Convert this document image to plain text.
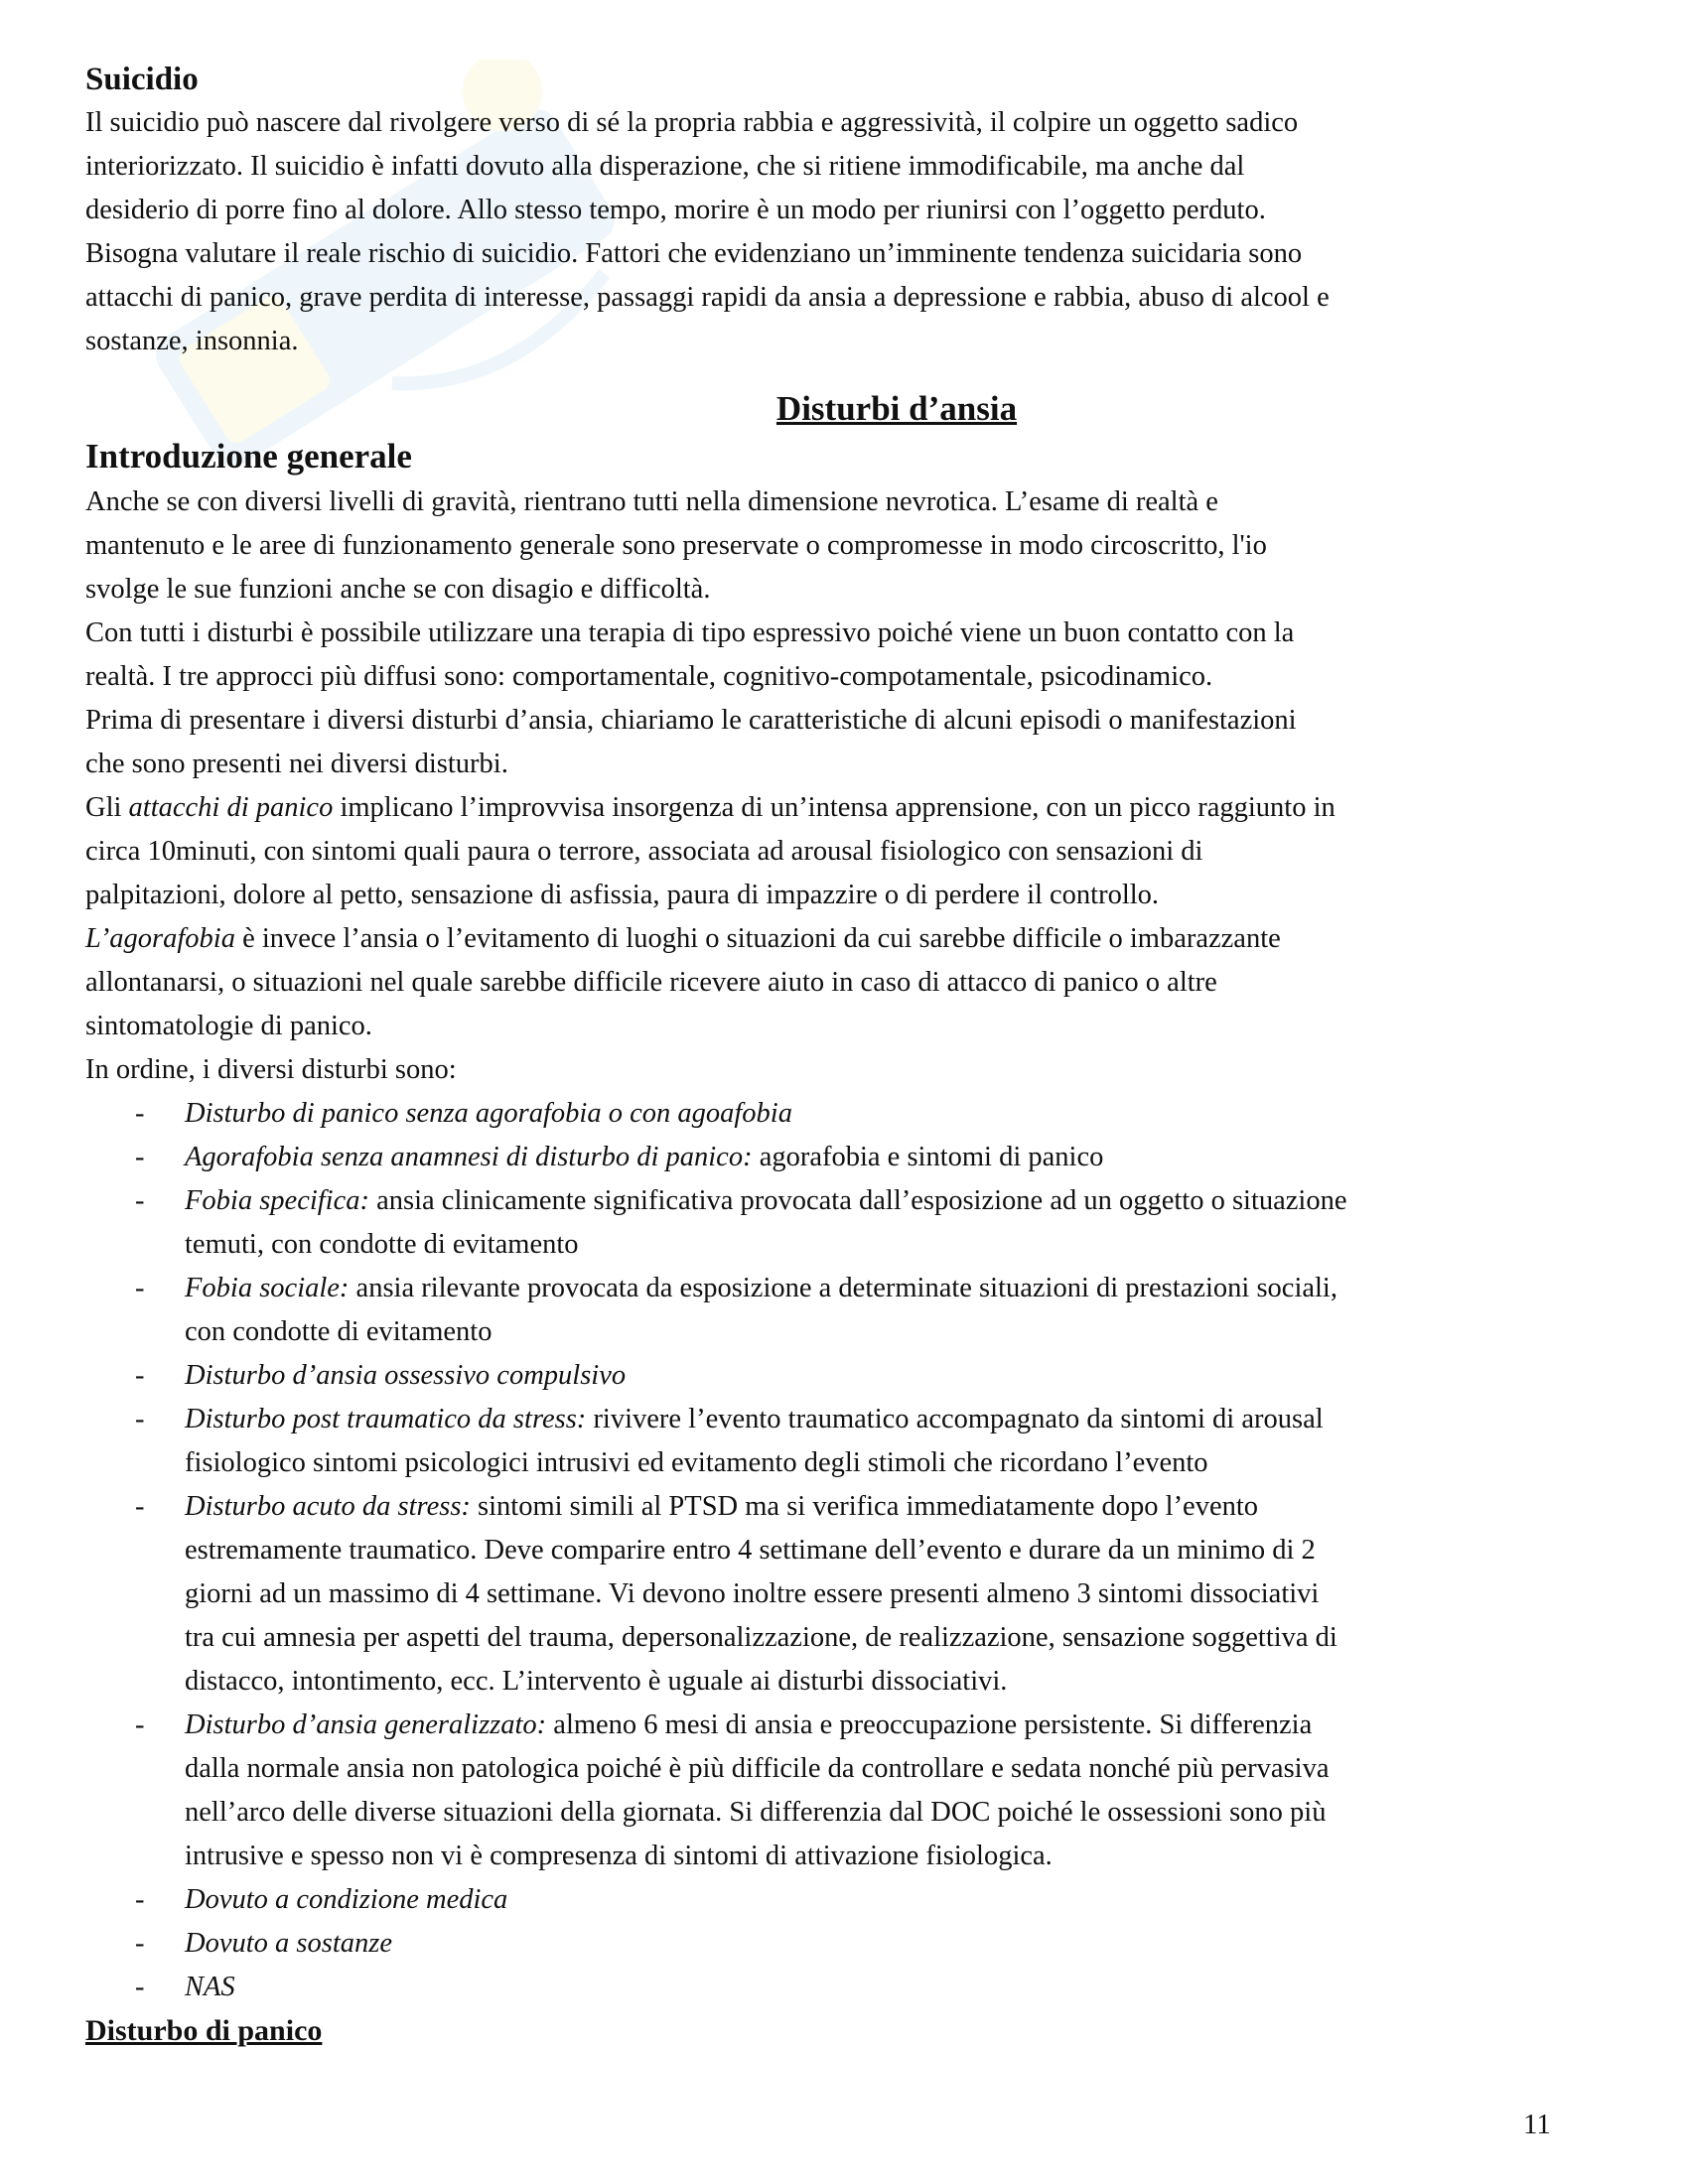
Suicidio

Il suicidio può nascere dal rivolgere verso di sé la propria rabbia e aggressività, il colpire un oggetto sadico

interiorizzato. Il suicidio è infatti dovuto alla disperazione, che si ritiene immodificabile, ma anche dal

desiderio di porre fino al dolore. Allo stesso tempo, morire è un modo per riunirsi con l’oggetto perduto.

Bisogna valutare il reale rischio di suicidio. Fattori che evidenziano un’imminente tendenza suicidaria sono

attacchi di panico, grave perdita di interesse, passaggi rapidi da ansia a depressione e rabbia, abuso di alcool e

sostanze, insonnia.

Disturbi d’ansia
Introduzione generale

Anche se con diversi livelli di gravità, rientrano tutti nella dimensione nevrotica. L’esame di realtà e

mantenuto e le aree di funzionamento generale sono preservate o compromesse in modo circoscritto, l'io

svolge le sue funzioni anche se con disagio e difficoltà.

Con tutti i disturbi è possibile utilizzare una terapia di tipo espressivo poiché viene un buon contatto con la

realtà. I tre approcci più diffusi sono: comportamentale, cognitivo-compotamentale, psicodinamico.

Prima di presentare i diversi disturbi d’ansia, chiariamo le caratteristiche di alcuni episodi o manifestazioni

che sono presenti nei diversi disturbi.

Gli attacchi di panico implicano l’improvvisa insorgenza di un’intensa apprensione, con un picco raggiunto in

circa 10minuti, con sintomi quali paura o terrore, associata ad arousal fisiologico con sensazioni di

palpitazioni, dolore al petto, sensazione di asfissia, paura di impazzire o di perdere il controllo.

L’agorafobia è invece l’ansia o l’evitamento di luoghi o situazioni da cui sarebbe difficile o imbarazzante

allontanarsi, o situazioni nel quale sarebbe difficile ricevere aiuto in caso di attacco di panico o altre

sintomatologie di panico.

In ordine, i diversi disturbi sono:

- Disturbo di panico senza agorafobia o con agoafobia
- Agorafobia senza anamnesi di disturbo di panico: agorafobia e sintomi di panico
- Fobia specifica: ansia clinicamente significativa provocata dall’esposizione ad un oggetto o situazione
temuti, con condotte di evitamento
- Fobia sociale: ansia rilevante provocata da esposizione a determinate situazioni di prestazioni sociali,
con condotte di evitamento
- Disturbo d’ansia ossessivo compulsivo
- Disturbo post traumatico da stress: rivivere l’evento traumatico accompagnato da sintomi di arousal
fisiologico sintomi psicologici intrusivi ed evitamento degli stimoli che ricordano l’evento
- Disturbo acuto da stress: sintomi simili al PTSD ma si verifica immediatamente dopo l’evento
estremamente traumatico. Deve comparire entro 4 settimane dell’evento e durare da un minimo di 2
giorni ad un massimo di 4 settimane. Vi devono inoltre essere presenti almeno 3 sintomi dissociativi
tra cui amnesia per aspetti del trauma, depersonalizzazione, de realizzazione, sensazione soggettiva di
distacco, intontimento, ecc. L’intervento è uguale ai disturbi dissociativi.
- Disturbo d’ansia generalizzato: almeno 6 mesi di ansia e preoccupazione persistente. Si differenzia
dalla normale ansia non patologica poiché è più difficile da controllare e sedata nonché più pervasiva
nell’arco delle diverse situazioni della giornata. Si differenzia dal DOC poiché le ossessioni sono più
intrusive e spesso non vi è compresenza di sintomi di attivazione fisiologica.
- Dovuto a condizione medica
- Dovuto a sostanze
- NAS
Disturbo di panico
11
